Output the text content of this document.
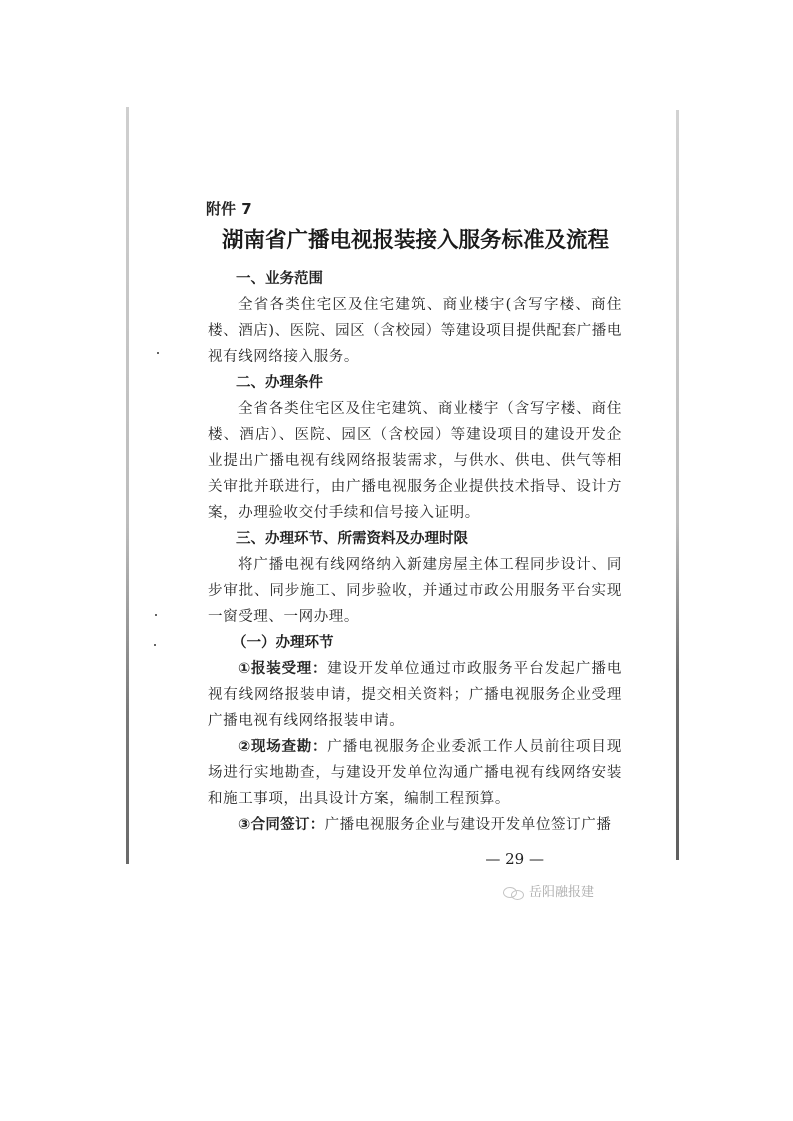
附件 7

湖南省广播电视报装接入服务标准及流程

一、业务范围

全省各类住宅区及住宅建筑、商业楼宇(含写字楼、商住楼、酒店)、医院、园区（含校园）等建设项目提供配套广播电视有线网络接入服务。

二、办理条件

全省各类住宅区及住宅建筑、商业楼宇（含写字楼、商住楼、酒店）、医院、园区（含校园）等建设项目的建设开发企业提出广播电视有线网络报装需求，与供水、供电、供气等相关审批并联进行，由广播电视服务企业提供技术指导、设计方案，办理验收交付手续和信号接入证明。

三、办理环节、所需资料及办理时限

将广播电视有线网络纳入新建房屋主体工程同步设计、同步审批、同步施工、同步验收，并通过市政公用服务平台实现一窗受理、一网办理。

（一）办理环节

①报装受理：建设开发单位通过市政服务平台发起广播电视有线网络报装申请，提交相关资料；广播电视服务企业受理广播电视有线网络报装申请。

②现场查勘：广播电视服务企业委派工作人员前往项目现场进行实地勘查，与建设开发单位沟通广播电视有线网络安装和施工事项，出具设计方案，编制工程预算。

③合同签订：广播电视服务企业与建设开发单位签订广播

— 29 —

岳阳融报建
